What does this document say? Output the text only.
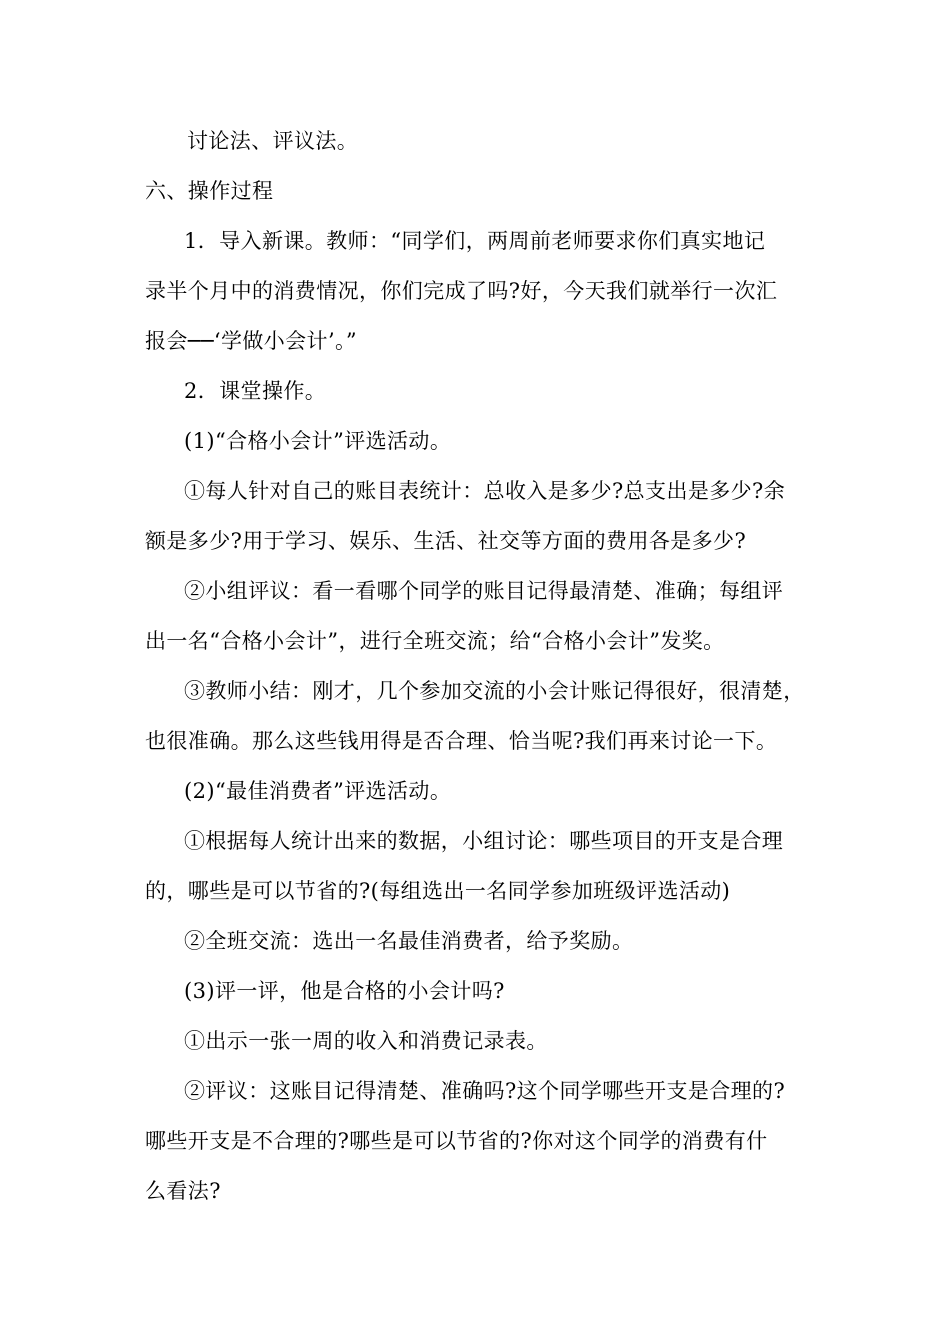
讨论法、评议法。

六、操作过程

1．导入新课。教师：“同学们，两周前老师要求你们真实地记

录半个月中的消费情况，你们完成了吗?好，今天我们就举行一次汇

报会──‘学做小会计’。”

2．课堂操作。

(1)“合格小会计”评选活动。

①每人针对自己的账目表统计：总收入是多少?总支出是多少?余

额是多少?用于学习、娱乐、生活、社交等方面的费用各是多少?

②小组评议：看一看哪个同学的账目记得最清楚、准确；每组评

出一名“合格小会计”，进行全班交流；给“合格小会计”发奖。

③教师小结：刚才，几个参加交流的小会计账记得很好，很清楚，

也很准确。那么这些钱用得是否合理、恰当呢?我们再来讨论一下。

(2)“最佳消费者”评选活动。

①根据每人统计出来的数据，小组讨论：哪些项目的开支是合理

的，哪些是可以节省的?(每组选出一名同学参加班级评选活动)

②全班交流：选出一名最佳消费者，给予奖励。

(3)评一评，他是合格的小会计吗?

①出示一张一周的收入和消费记录表。

②评议：这账目记得清楚、准确吗?这个同学哪些开支是合理的?

哪些开支是不合理的?哪些是可以节省的?你对这个同学的消费有什

么看法?
